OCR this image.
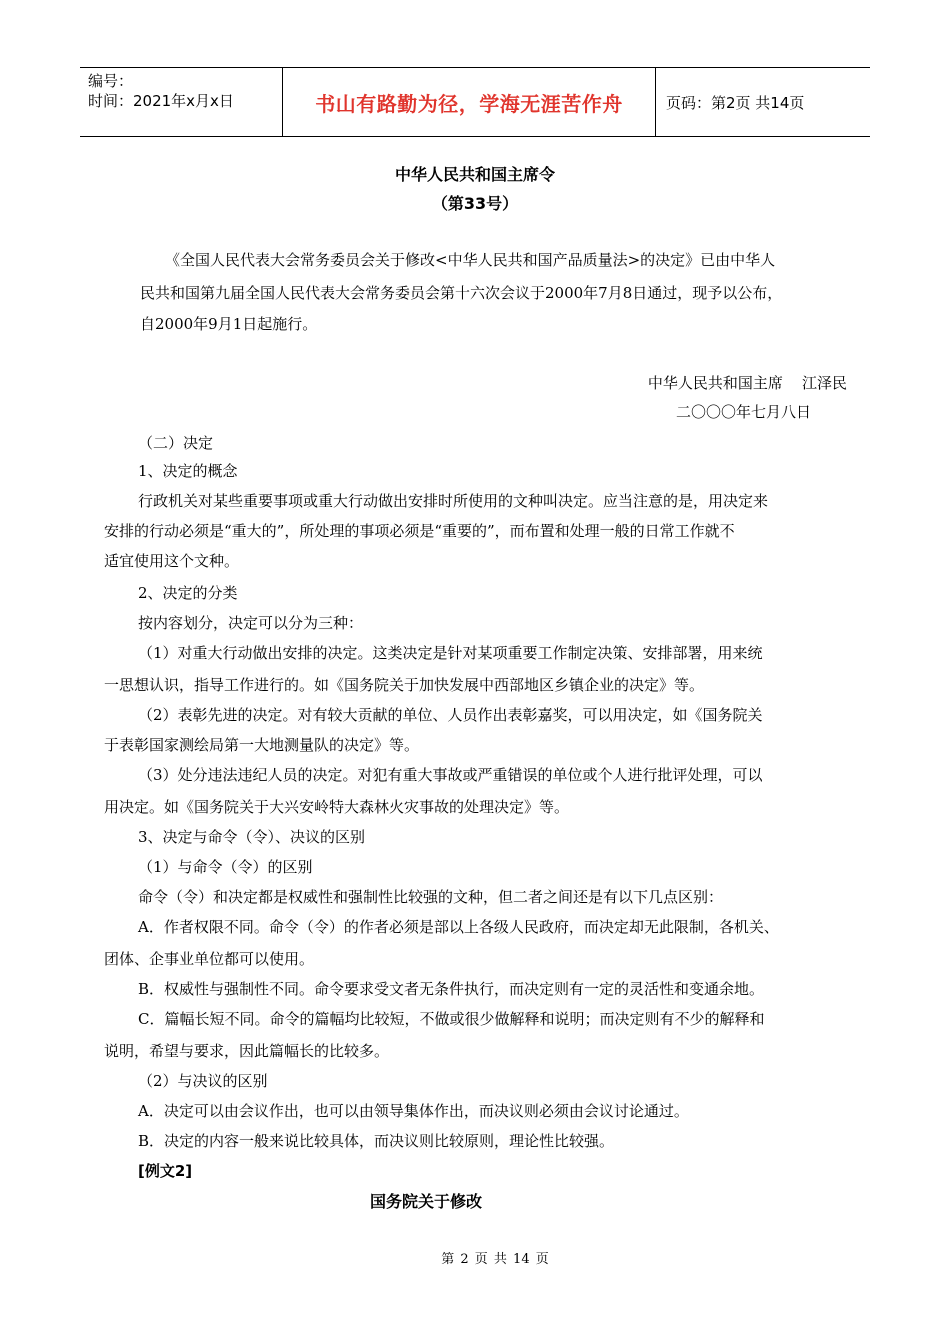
编号：
时间：2021年x月x日	书山有路勤为径，学海无涯苦作舟	页码：第2页 共14页
中华人民共和国主席令
（第33号）
《全国人民代表大会常务委员会关于修改<中华人民共和国产品质量法>的决定》已由中华人
民共和国第九届全国人民代表大会常务委员会第十六次会议于2000年7月8日通过，现予以公布，
自2000年9月1日起施行。
中华人民共和国主席    江泽民
二〇〇〇年七月八日
（二）决定
1、决定的概念
行政机关对某些重要事项或重大行动做出安排时所使用的文种叫决定。应当注意的是，用决定来
安排的行动必须是“重大的”，所处理的事项必须是“重要的”，而布置和处理一般的日常工作就不
适宜使用这个文种。
2、决定的分类
按内容划分，决定可以分为三种：
（1）对重大行动做出安排的决定。这类决定是针对某项重要工作制定决策、安排部署，用来统
一思想认识，指导工作进行的。如《国务院关于加快发展中西部地区乡镇企业的决定》等。
（2）表彰先进的决定。对有较大贡献的单位、人员作出表彰嘉奖，可以用决定，如《国务院关
于表彰国家测绘局第一大地测量队的决定》等。
（3）处分违法违纪人员的决定。对犯有重大事故或严重错误的单位或个人进行批评处理，可以
用决定。如《国务院关于大兴安岭特大森林火灾事故的处理决定》等。
3、决定与命令（令）、决议的区别
（1）与命令（令）的区别
命令（令）和决定都是权威性和强制性比较强的文种，但二者之间还是有以下几点区别：
A．作者权限不同。命令（令）的作者必须是部以上各级人民政府，而决定却无此限制，各机关、
团体、企事业单位都可以使用。
B．权威性与强制性不同。命令要求受文者无条件执行，而决定则有一定的灵活性和变通余地。
C．篇幅长短不同。命令的篇幅均比较短，不做或很少做解释和说明；而决定则有不少的解释和
说明，希望与要求，因此篇幅长的比较多。
（2）与决议的区别
A．决定可以由会议作出，也可以由领导集体作出，而决议则必须由会议讨论通过。
B．决定的内容一般来说比较具体，而决议则比较原则，理论性比较强。
[例文2]
国务院关于修改
第 2 页 共 14 页
